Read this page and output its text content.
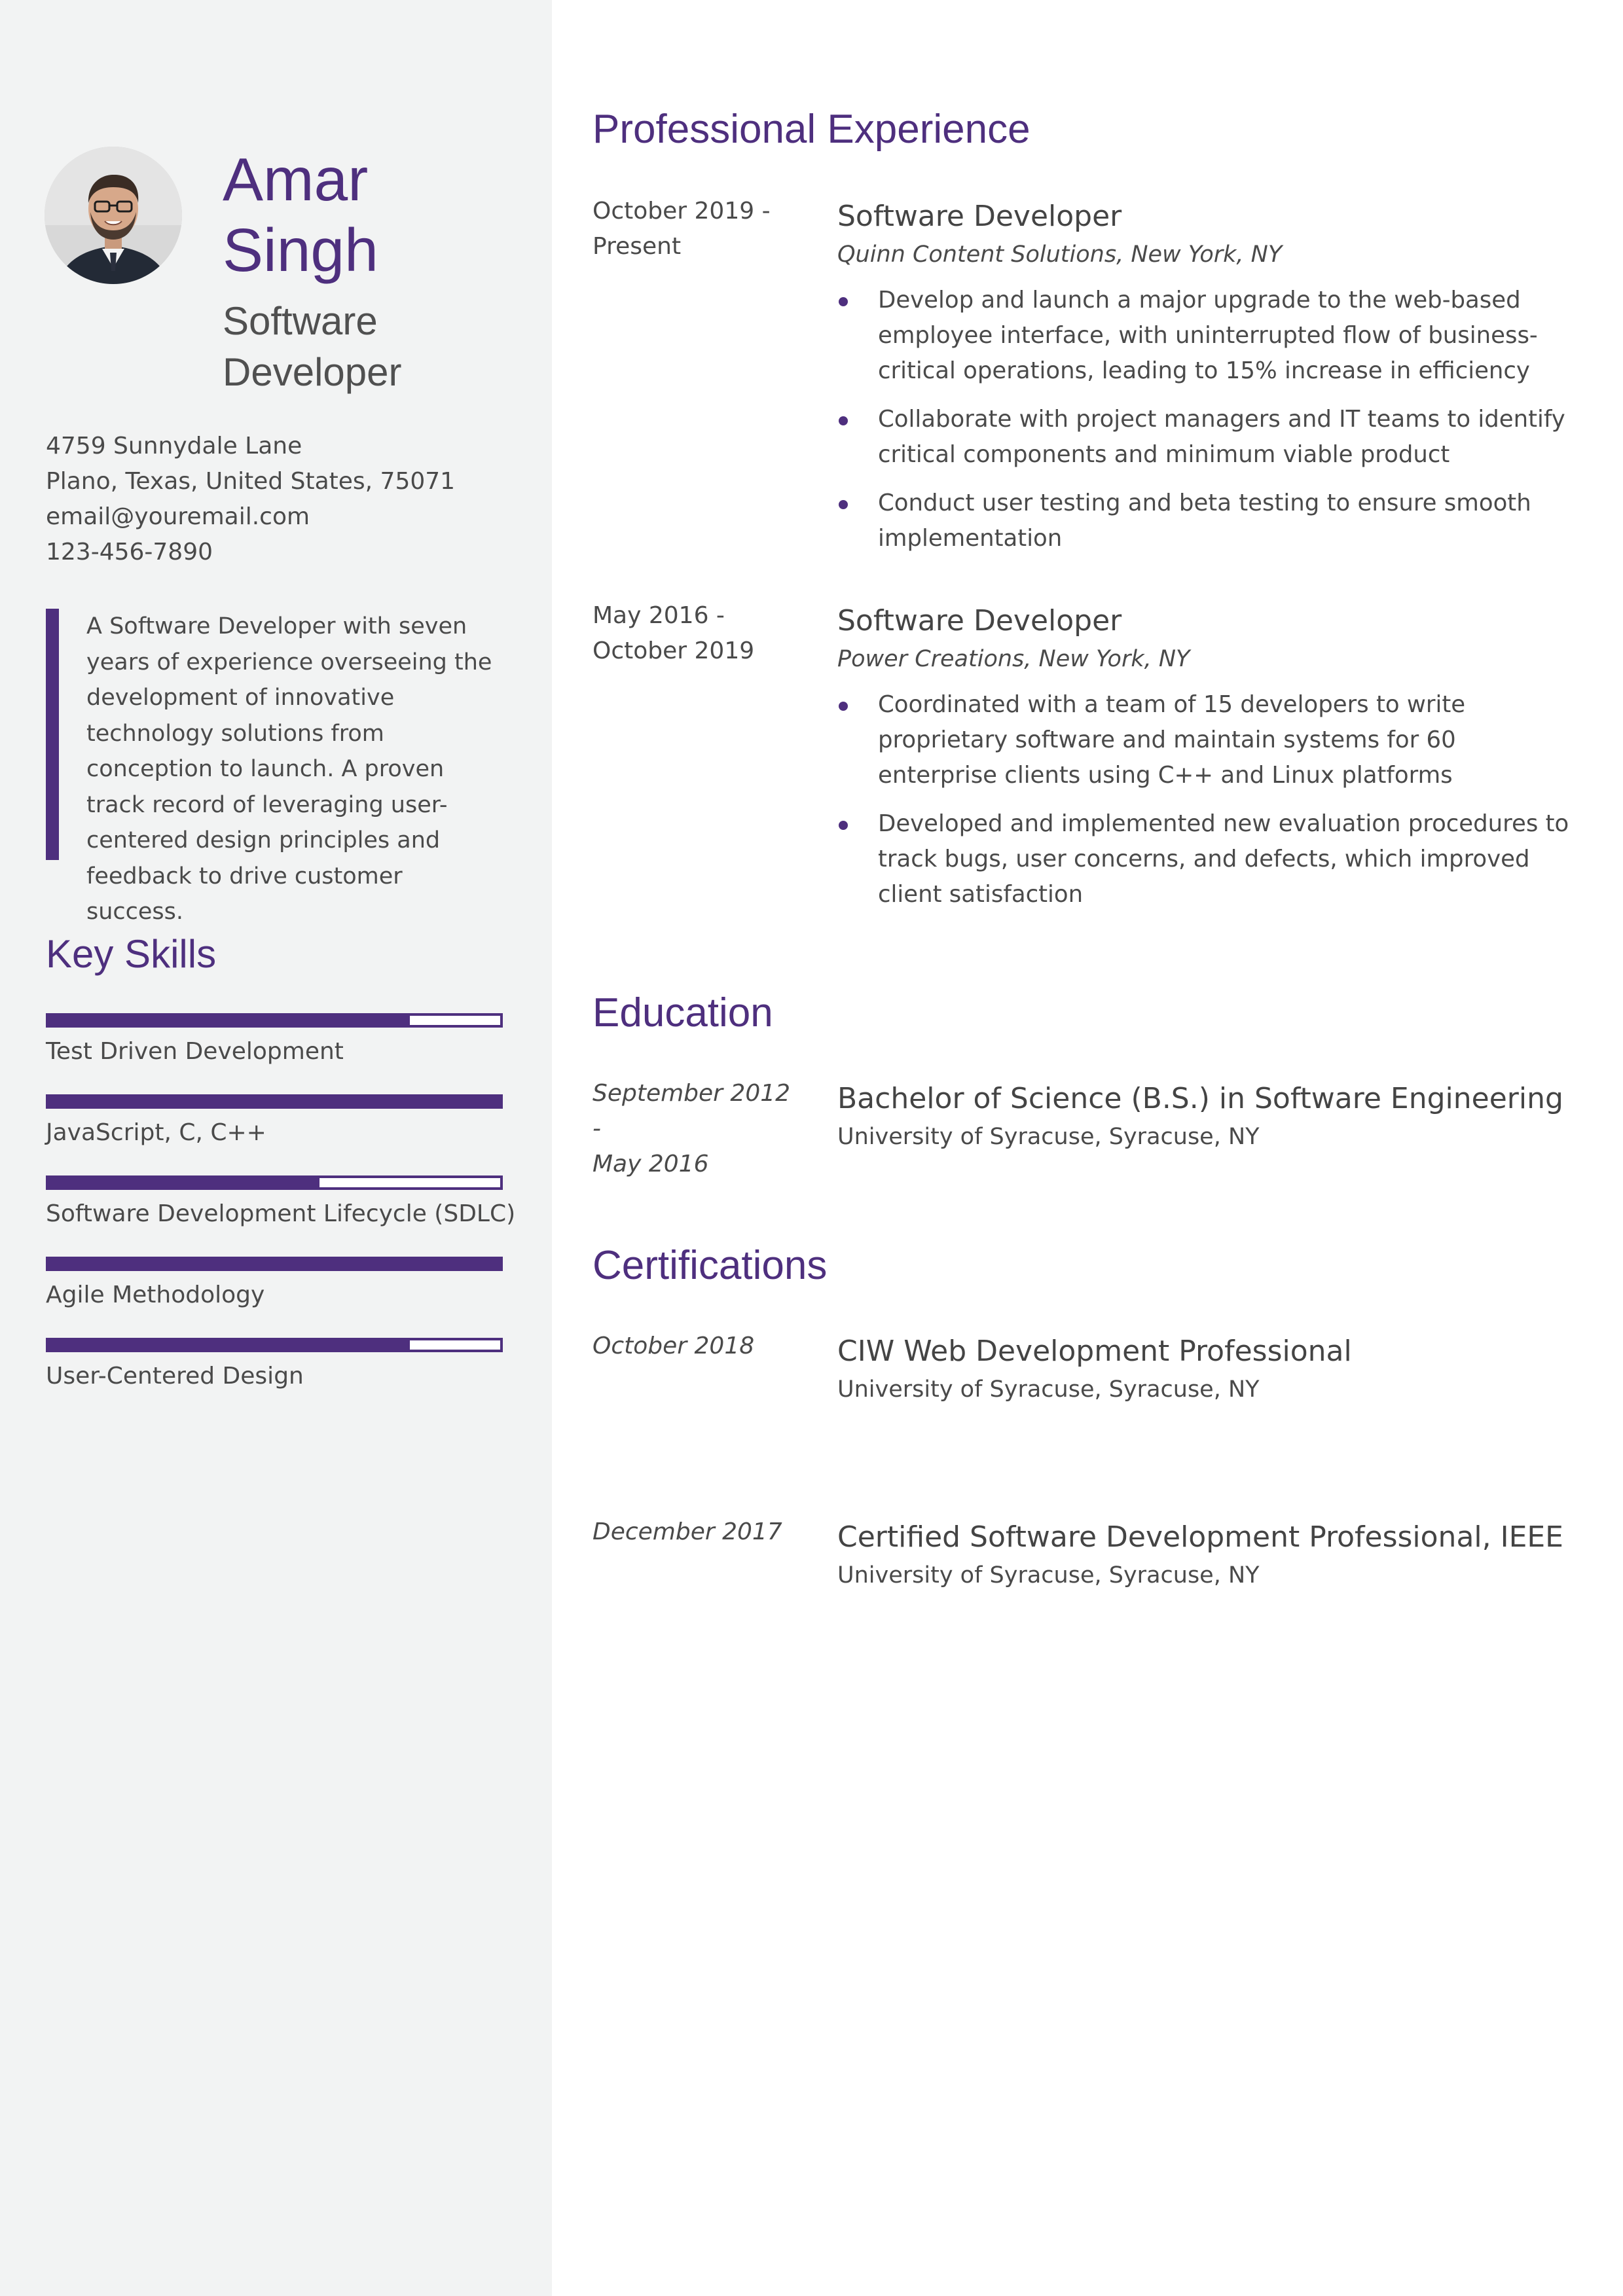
Amar
Singh
Software
Developer
4759 Sunnydale Lane
Plano, Texas, United States, 75071
email@youremail.com
123-456-7890

A Software Developer with seven years of experience overseeing the development of innovative technology solutions from conception to launch. A proven track record of leveraging user-centered design principles and feedback to drive customer success.

Key Skills
Test Driven Development
JavaScript, C, C++
Software Development Lifecycle (SDLC)
Agile Methodology
User-Centered Design
Professional Experience
October 2019 -
Present
Software Developer
Quinn Content Solutions, New York, NY
Develop and launch a major upgrade to the web-based employee interface, with uninterrupted flow of business-critical operations, leading to 15% increase in efficiency
Collaborate with project managers and IT teams to identify critical components and minimum viable product
Conduct user testing and beta testing to ensure smooth implementation
May 2016 -
October 2019
Software Developer
Power Creations, New York, NY
Coordinated with a team of 15 developers to write proprietary software and maintain systems for 60 enterprise clients using C++ and Linux platforms
Developed and implemented new evaluation procedures to track bugs, user concerns, and defects, which improved client satisfaction
Education
September 2012 -
May 2016
Bachelor of Science (B.S.) in Software Engineering
University of Syracuse, Syracuse, NY
Certifications
October 2018	CIW Web Development Professional
University of Syracuse, Syracuse, NY
December 2017	Certified Software Development Professional, IEEE
University of Syracuse, Syracuse, NY
